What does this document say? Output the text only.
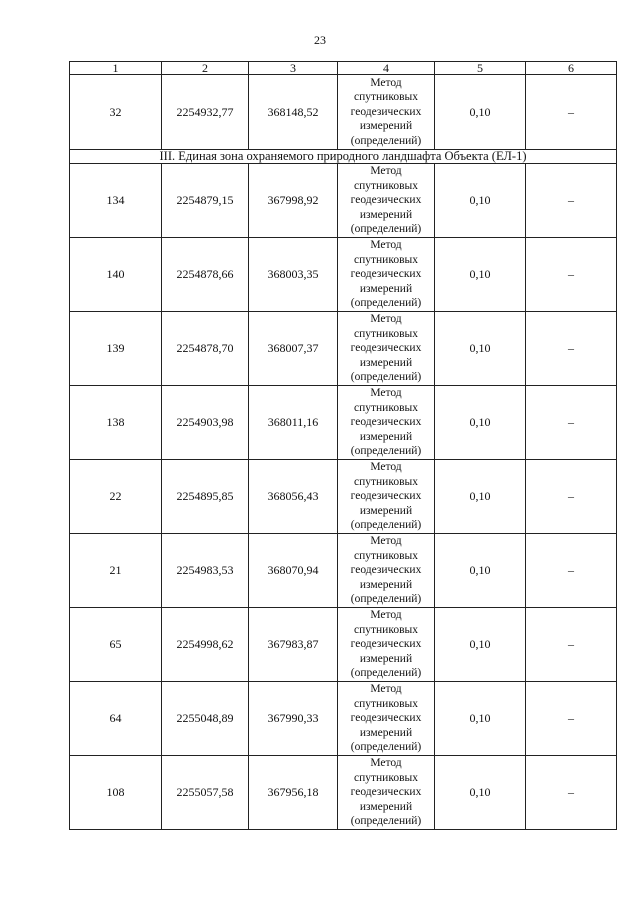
23
1	2	3	4	5	6
32	2254932,77	368148,52	Метод
спутниковых
геодезических
измерений
(определений)	0,10	–
III. Единая зона охраняемого природного ландшафта Объекта (ЕЛ-1)					
134	2254879,15	367998,92	Метод
спутниковых
геодезических
измерений
(определений)	0,10	–
140	2254878,66	368003,35	Метод
спутниковых
геодезических
измерений
(определений)	0,10	–
139	2254878,70	368007,37	Метод
спутниковых
геодезических
измерений
(определений)	0,10	–
138	2254903,98	368011,16	Метод
спутниковых
геодезических
измерений
(определений)	0,10	–
22	2254895,85	368056,43	Метод
спутниковых
геодезических
измерений
(определений)	0,10	–
21	2254983,53	368070,94	Метод
спутниковых
геодезических
измерений
(определений)	0,10	–
65	2254998,62	367983,87	Метод
спутниковых
геодезических
измерений
(определений)	0,10	–
64	2255048,89	367990,33	Метод
спутниковых
геодезических
измерений
(определений)	0,10	–
108	2255057,58	367956,18	Метод
спутниковых
геодезических
измерений
(определений)	0,10	–
